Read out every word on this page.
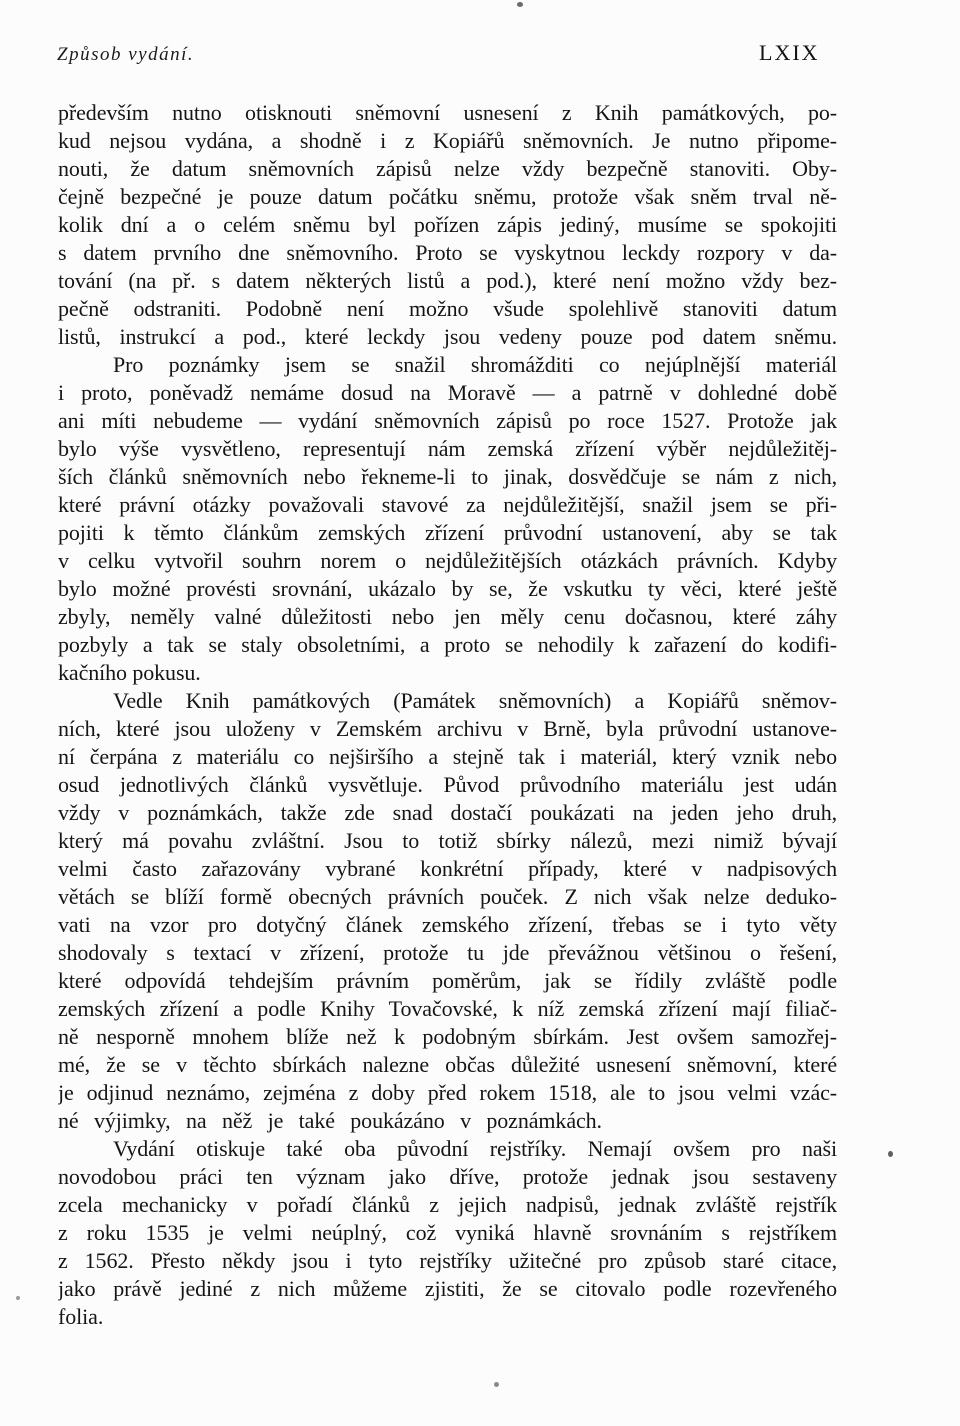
Způsob vydání.	LXIX
především nutno otisknouti sněmovní usnesení z Knih památkových, po-
kud nejsou vydána, a shodně i z Kopiářů sněmovních. Je nutno připome-
nouti, že datum sněmovních zápisů nelze vždy bezpečně stanoviti. Oby-
čejně bezpečné je pouze datum počátku sněmu, protože však sněm trval ně-
kolik dní a o celém sněmu byl pořízen zápis jediný, musíme se spokojiti
s datem prvního dne sněmovního. Proto se vyskytnou leckdy rozpory v da-
tování (na př. s datem některých listů a pod.), které není možno vždy bez-
pečně odstraniti. Podobně není možno všude spolehlivě stanoviti datum
listů, instrukcí a pod., které leckdy jsou vedeny pouze pod datem sněmu.
Pro poznámky jsem se snažil shromážditi co nejúplnější materiál
i proto, poněvadž nemáme dosud na Moravě — a patrně v dohledné době
ani míti nebudeme — vydání sněmovních zápisů po roce 1527. Protože jak
bylo výše vysvětleno, representují nám zemská zřízení výběr nejdůležitěj-
ších článků sněmovních nebo řekneme-li to jinak, dosvědčuje se nám z nich,
které právní otázky považovali stavové za nejdůležitější, snažil jsem se při-
pojiti k těmto článkům zemských zřízení průvodní ustanovení, aby se tak
v celku vytvořil souhrn norem o nejdůležitějších otázkách právních. Kdyby
bylo možné provésti srovnání, ukázalo by se, že vskutku ty věci, které ještě
zbyly, neměly valné důležitosti nebo jen měly cenu dočasnou, které záhy
pozbyly a tak se staly obsoletními, a proto se nehodily k zařazení do kodifi-
kačního pokusu.
Vedle Knih památkových (Památek sněmovních) a Kopiářů sněmov-
ních, které jsou uloženy v Zemském archivu v Brně, byla průvodní ustanove-
ní čerpána z materiálu co nejširšího a stejně tak i materiál, který vznik nebo
osud jednotlivých článků vysvětluje. Původ průvodního materiálu jest udán
vždy v poznámkách, takže zde snad dostačí poukázati na jeden jeho druh,
který má povahu zvláštní. Jsou to totiž sbírky nálezů, mezi nimiž bývají
velmi často zařazovány vybrané konkrétní případy, které v nadpisových
větách se blíží formě obecných právních pouček. Z nich však nelze deduko-
vati na vzor pro dotyčný článek zemského zřízení, třebas se i tyto věty
shodovaly s textací v zřízení, protože tu jde převážnou většinou o řešení,
které odpovídá tehdejším právním poměrům, jak se řídily zvláště podle
zemských zřízení a podle Knihy Tovačovské, k níž zemská zřízení mají filiač-
ně nesporně mnohem blíže než k podobným sbírkám. Jest ovšem samozřej-
mé, že se v těchto sbírkách nalezne občas důležité usnesení sněmovní, které
je odjinud neznámo, zejména z doby před rokem 1518, ale to jsou velmi vzác-
né výjimky, na něž je také poukázáno v poznámkách.
Vydání otiskuje také oba původní rejstříky. Nemají ovšem pro naši
novodobou práci ten význam jako dříve, protože jednak jsou sestaveny
zcela mechanicky v pořadí článků z jejich nadpisů, jednak zvláště rejstřík
z roku 1535 je velmi neúplný, což vyniká hlavně srovnáním s rejstříkem
z 1562. Přesto někdy jsou i tyto rejstříky užitečné pro způsob staré citace,
jako právě jediné z nich můžeme zjistiti, že se citovalo podle rozevřeného
folia.
